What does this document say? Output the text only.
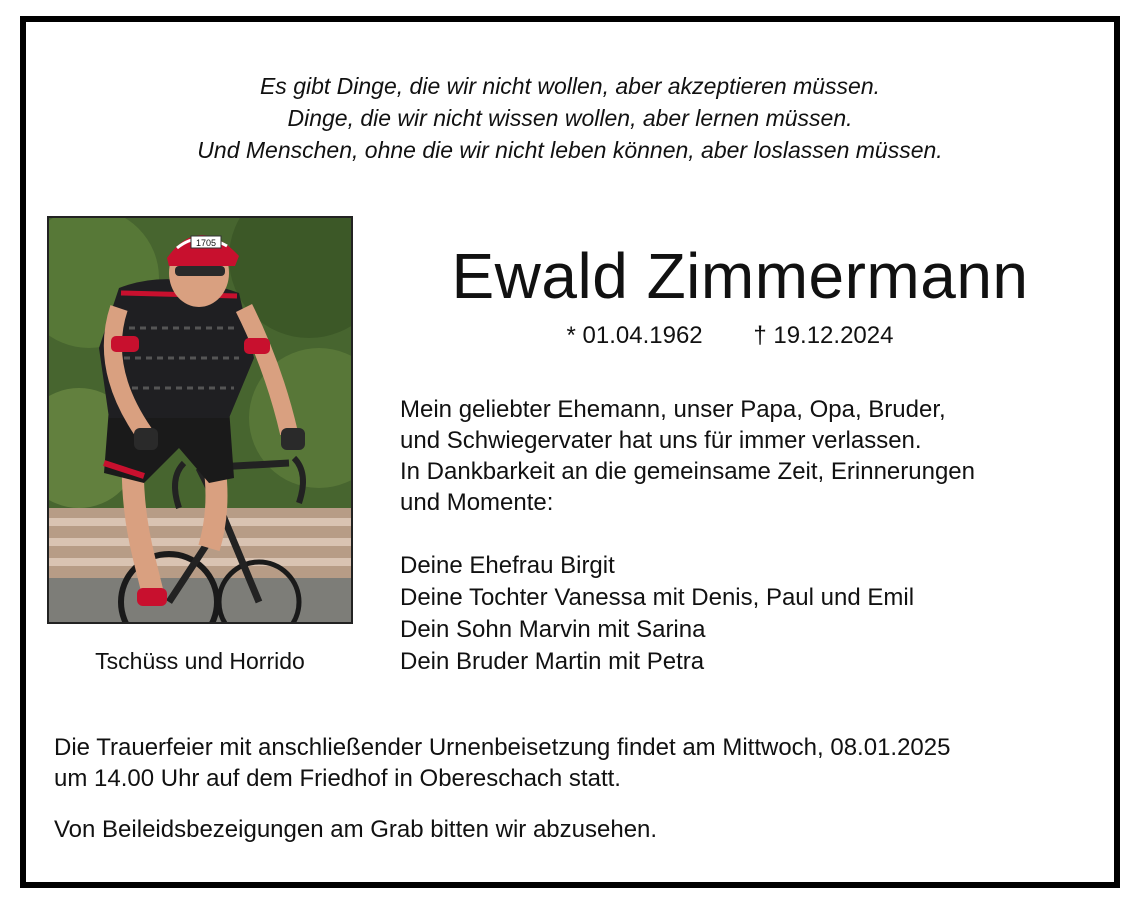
Es gibt Dinge, die wir nicht wollen, aber akzeptieren müssen.
Dinge, die wir nicht wissen wollen, aber lernen müssen.
Und Menschen, ohne die wir nicht leben können, aber loslassen müssen.
1705
Tschüss und Horrido
Ewald Zimmermann
* 01.04.1962 † 19.12.2024
Mein geliebter Ehemann, unser Papa, Opa, Bruder,
und Schwiegervater hat uns für immer verlassen.
In Dankbarkeit an die gemeinsame Zeit, Erinnerungen
und Momente:
Deine Ehefrau Birgit
Deine Tochter Vanessa mit Denis, Paul und Emil
Dein Sohn Marvin mit Sarina
Dein Bruder Martin mit Petra
Die Trauerfeier mit anschließender Urnenbeisetzung findet am Mittwoch, 08.01.2025
um 14.00 Uhr auf dem Friedhof in Obereschach statt.
Von Beileidsbezeigungen am Grab bitten wir abzusehen.
